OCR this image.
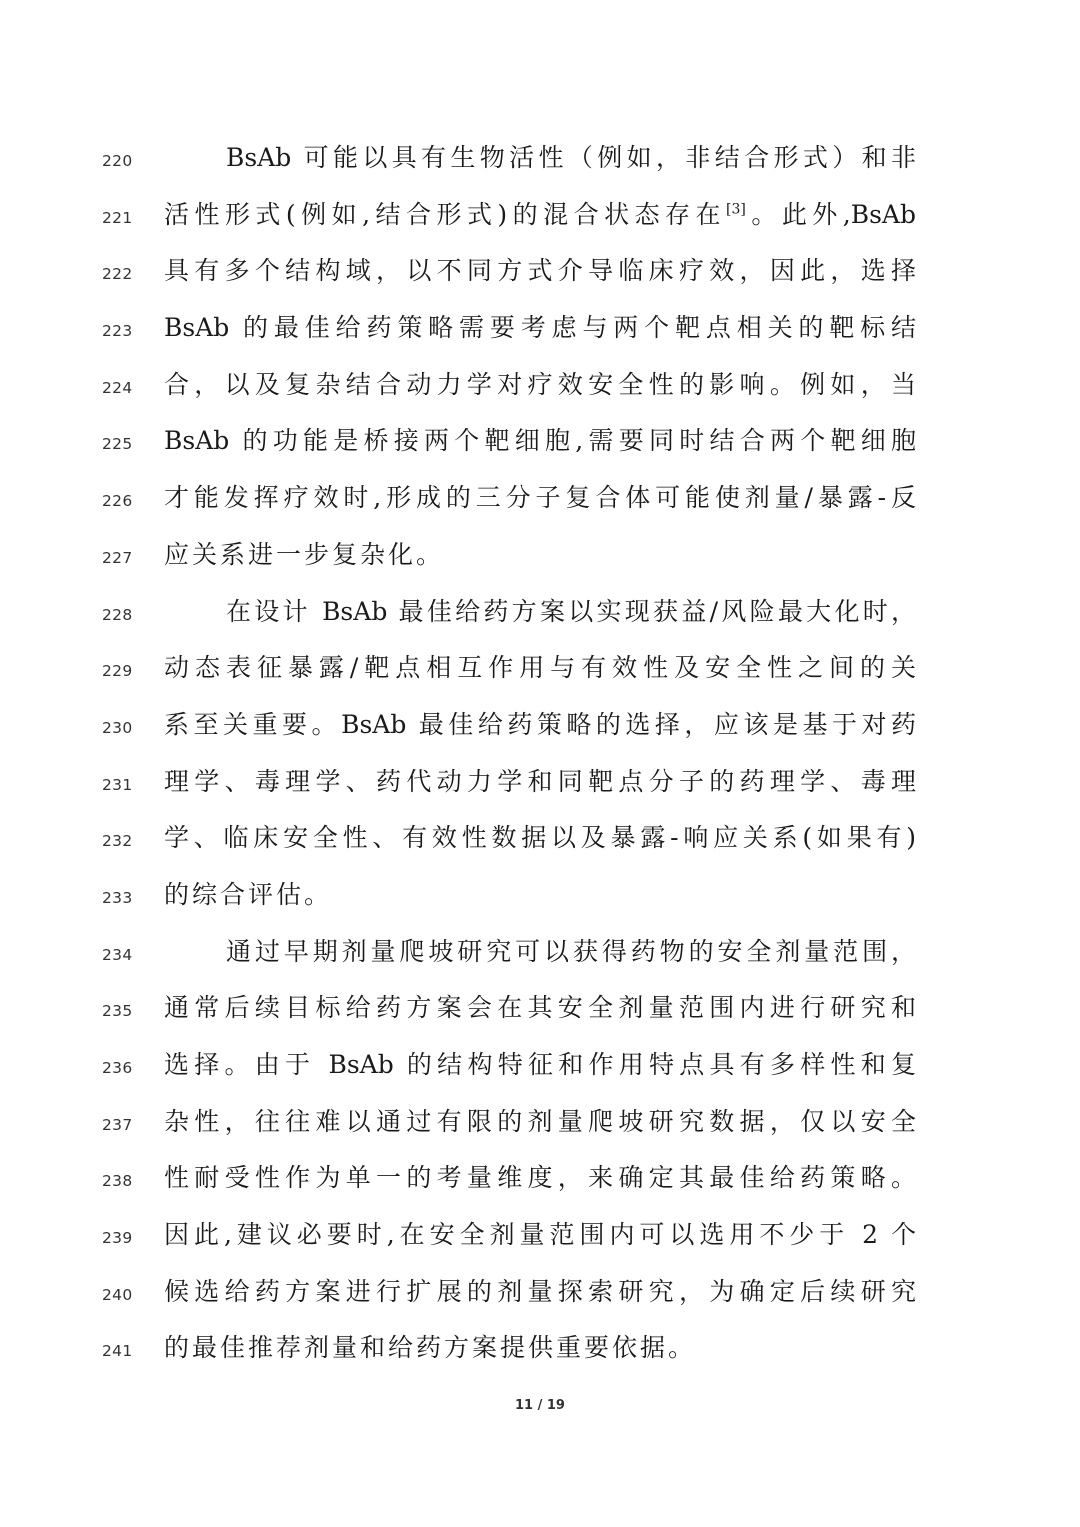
220	BsAb 可能以具有生物活性（例如，非结合形式）和非
221	活性形式(例如,结合形式)的混合状态存在[3]。此外,BsAb
222	具有多个结构域，以不同方式介导临床疗效，因此，选择
223	BsAb 的最佳给药策略需要考虑与两个靶点相关的靶标结
224	合，以及复杂结合动力学对疗效安全性的影响。例如，当
225	BsAb 的功能是桥接两个靶细胞,需要同时结合两个靶细胞
226	才能发挥疗效时,形成的三分子复合体可能使剂量/暴露-反
227	应关系进一步复杂化。
228	在设计 BsAb 最佳给药方案以实现获益/风险最大化时，
229	动态表征暴露/靶点相互作用与有效性及安全性之间的关
230	系至关重要。BsAb 最佳给药策略的选择，应该是基于对药
231	理学、毒理学、药代动力学和同靶点分子的药理学、毒理
232	学、临床安全性、有效性数据以及暴露-响应关系(如果有)
233	的综合评估。
234	通过早期剂量爬坡研究可以获得药物的安全剂量范围，
235	通常后续目标给药方案会在其安全剂量范围内进行研究和
236	选择。由于 BsAb 的结构特征和作用特点具有多样性和复
237	杂性，往往难以通过有限的剂量爬坡研究数据，仅以安全
238	性耐受性作为单一的考量维度，来确定其最佳给药策略。
239	因此,建议必要时,在安全剂量范围内可以选用不少于 2 个
240	候选给药方案进行扩展的剂量探索研究，为确定后续研究
241	的最佳推荐剂量和给药方案提供重要依据。
11 / 19
